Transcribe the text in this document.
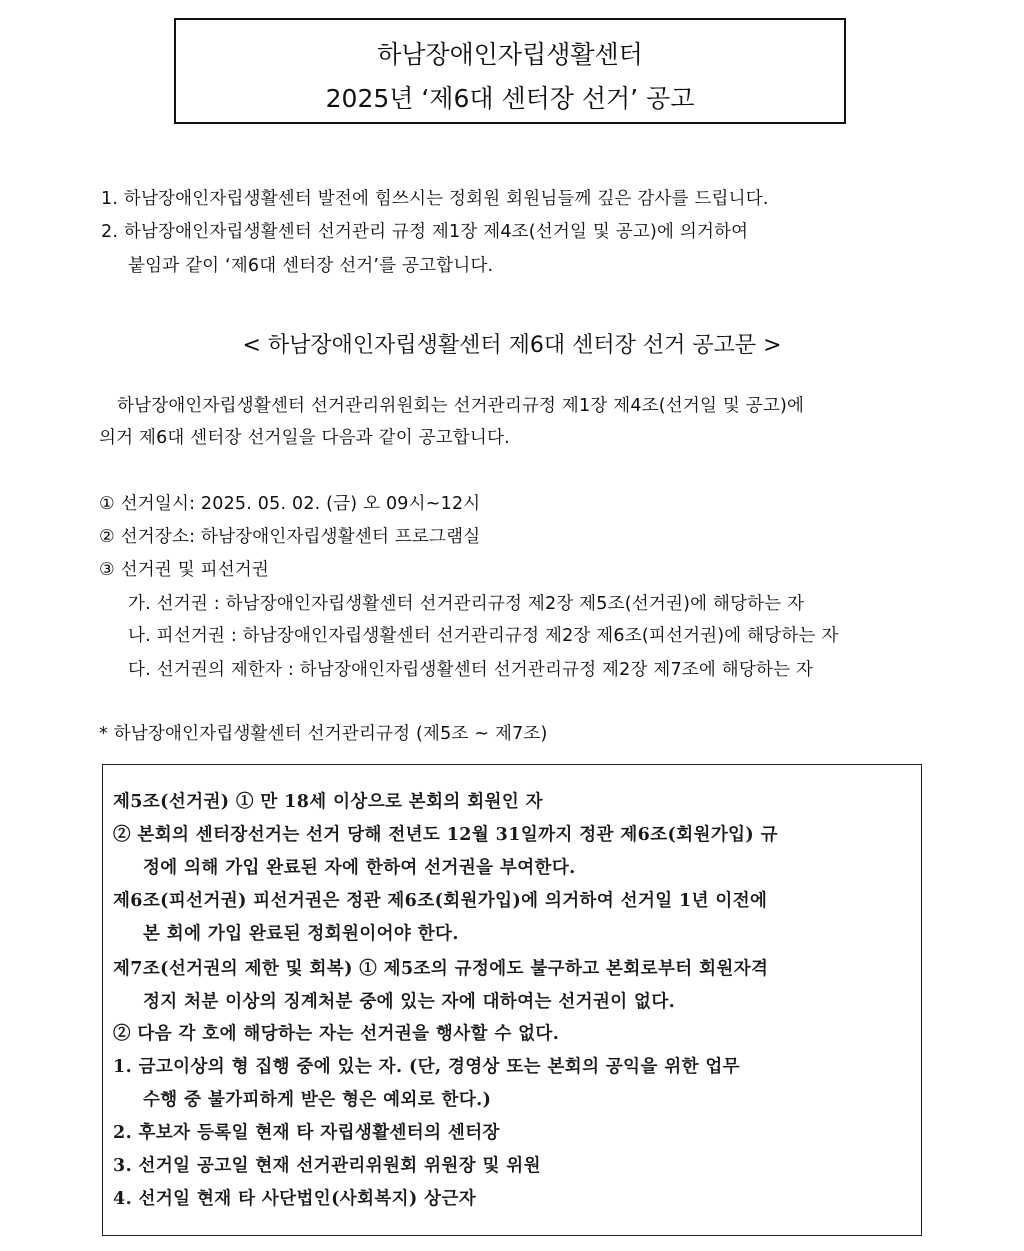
하남장애인자립생활센터
2025년 ‘제6대 센터장 선거’ 공고
1. 하남장애인자립생활센터 발전에 힘쓰시는 정회원 회원님들께 깊은 감사를 드립니다.
2. 하남장애인자립생활센터 선거관리 규정 제1장 제4조(선거일 및 공고)에 의거하여
붙임과 같이 ‘제6대 센터장 선거’를 공고합니다.
< 하남장애인자립생활센터 제6대 센터장 선거 공고문 >
하남장애인자립생활센터 선거관리위원회는 선거관리규정 제1장 제4조(선거일 및 공고)에
의거 제6대 센터장 선거일을 다음과 같이 공고합니다.
① 선거일시: 2025. 05. 02. (금) 오 09시~12시
② 선거장소: 하남장애인자립생활센터 프로그램실
③ 선거권 및 피선거권
가. 선거권 : 하남장애인자립생활센터 선거관리규정 제2장 제5조(선거권)에 해당하는 자
나. 피선거권 : 하남장애인자립생활센터 선거관리규정 제2장 제6조(피선거권)에 해당하는 자
다. 선거권의 제한자 : 하남장애인자립생활센터 선거관리규정 제2장 제7조에 해당하는 자
* 하남장애인자립생활센터 선거관리규정 (제5조 ~ 제7조)
제5조(선거권) ① 만 18세 이상으로 본회의 회원인 자
② 본회의 센터장선거는 선거 당해 전년도 12월 31일까지 정관 제6조(회원가입) 규
정에 의해 가입 완료된 자에 한하여 선거권을 부여한다.
제6조(피선거권) 피선거권은 정관 제6조(회원가입)에 의거하여 선거일 1년 이전에
본 회에 가입 완료된 정회원이어야 한다.
제7조(선거권의 제한 및 회복) ① 제5조의 규정에도 불구하고 본회로부터 회원자격
정지 처분 이상의 징계처분 중에 있는 자에 대하여는 선거권이 없다.
② 다음 각 호에 해당하는 자는 선거권을 행사할 수 없다.
1. 금고이상의 형 집행 중에 있는 자. (단, 경영상 또는 본회의 공익을 위한 업무
수행 중 불가피하게 받은 형은 예외로 한다.)
2. 후보자 등록일 현재 타 자립생활센터의 센터장
3. 선거일 공고일 현재 선거관리위원회 위원장 및 위원
4. 선거일 현재 타 사단법인(사회복지) 상근자
